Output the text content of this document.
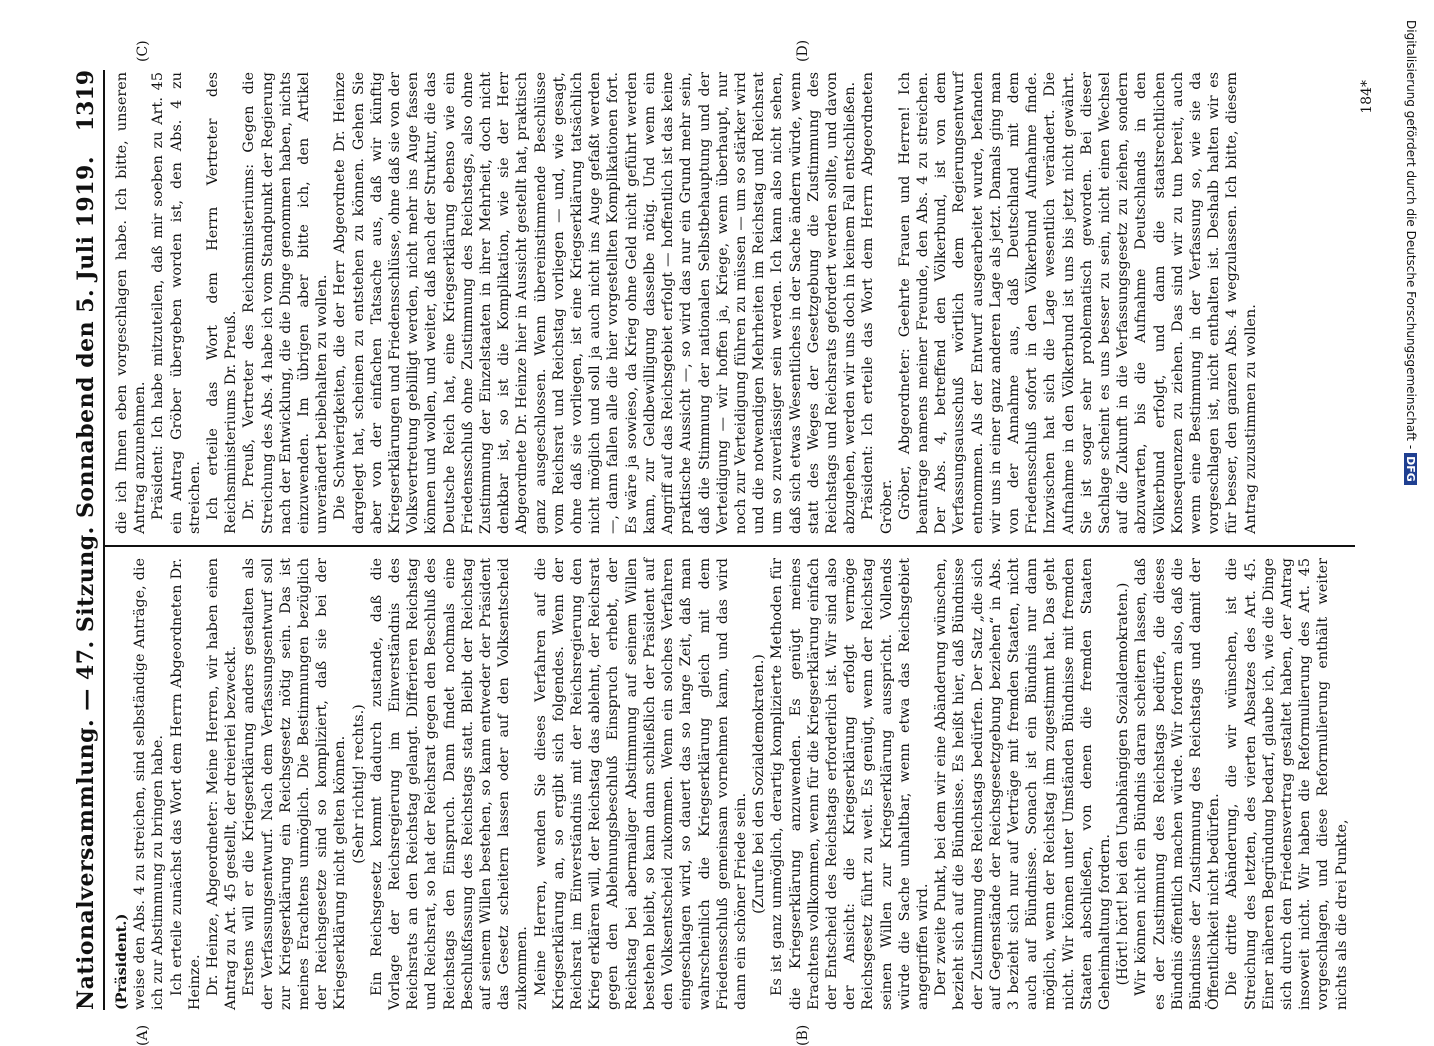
Nationalversammlung. — 47. Sitzung. Sonnabend den 5. Juli 1919.
1319

(Präsident.) weise den Abs. 4 zu streichen, sind selbständige Anträge, die ich zur Abstimmung zu bringen habe. Ich erteile zunächst das Wort dem Herrn Abgeordneten Dr. Heinze. Dr. Heinze, Abgeordneter: Meine Herren, wir haben einen Antrag zu Art. 45 gestellt, der dreierlei bezweckt. Erstens will er die Kriegserklärung anders gestalten als der Verfassungsentwurf. Nach dem Verfassungsentwurf soll zur Kriegserklärung ein Reichsgesetz nötig sein. Das ist meines Erachtens unmöglich. Die Bestimmungen bezüglich der Reichsgesetze sind so kompliziert, daß sie bei der Kriegserklärung nicht gelten können. (Sehr richtig! rechts.) Ein Reichsgesetz kommt dadurch zustande, daß die Vorlage der Reichsregierung im Einverständnis des Reichsrats an den Reichstag gelangt. Differieren Reichstag und Reichsrat, so hat der Reichsrat gegen den Beschluß des Reichstags den Einspruch. Dann findet nochmals eine Beschlußfassung des Reichstags statt. Bleibt der Reichstag auf seinem Willen bestehen, so kann entweder der Präsident das Gesetz scheitern lassen oder auf den Volksentscheid zukommen. Meine Herren, wenden Sie dieses Verfahren auf die Kriegserklärung an, so ergibt sich folgendes. Wenn der Reichsrat im Einverständnis mit der Reichsregierung den Krieg erklären will, der Reichstag das ablehnt, der Reichsrat gegen den Ablehnungsbeschluß Einspruch erhebt, der Reichstag bei abermaliger Abstimmung auf seinem Willen bestehen bleibt, so kann dann schließlich der Präsident auf den Volksentscheid zukommen. Wenn ein solches Verfahren eingeschlagen wird, so dauert das so lange Zeit, daß man wahrscheinlich die Kriegserklärung gleich mit dem Friedensschluß gemeinsam vornehmen kann, und das wird dann ein schöner Friede sein. (Zurufe bei den Sozialdemokraten.) Es ist ganz unmöglich, derartig komplizierte Methoden für die Kriegserklärung anzuwenden. Es genügt meines Erachtens vollkommen, wenn für die Kriegserklärung einfach der Entscheid des Reichstags erforderlich ist. Wir sind also der Ansicht: die Kriegserklärung erfolgt vermöge Reichsgesetz führt zu weit. Es genügt, wenn der Reichstag seinen Willen zur Kriegserklärung ausspricht. Vollends würde die Sache unhaltbar, wenn etwa das Reichsgebiet angegriffen wird. Der zweite Punkt, bei dem wir eine Abänderung wünschen, bezieht sich auf die Bündnisse. Es heißt hier, daß Bündnisse der Zustimmung des Reichstags bedürfen. Der Satz „die sich auf Gegenstände der Reichsgesetzgebung beziehen“ in Abs. 3 bezieht sich nur auf Verträge mit fremden Staaten, nicht auch auf Bündnisse. Sonach ist ein Bündnis nur dann möglich, wenn der Reichstag ihm zugestimmt hat. Das geht nicht. Wir können unter Umständen Bündnisse mit fremden Staaten abschließen, von denen die fremden Staaten Geheimhaltung fordern. (Hört! hört! bei den Unabhängigen Sozialdemokraten.) Wir können nicht ein Bündnis daran scheitern lassen, daß es der Zustimmung des Reichstags bedürfe, die dieses Bündnis öffentlich machen würde. Wir fordern also, daß die Bündnisse der Zustimmung des Reichstags und damit der Öffentlichkeit nicht bedürfen. Die dritte Abänderung, die wir wünschen, ist die Streichung des letzten, des vierten Absatzes des Art. 45. Einer näheren Begründung bedarf, glaube ich, wie die Dinge sich durch den Friedensvertrag gestaltet haben, der Antrag insoweit nicht. Wir haben die Reformulierung des Art. 45 vorgeschlagen, und diese Reformulierung enthält weiter nichts als die drei Punkte,

die ich Ihnen eben vorgeschlagen habe. Ich bitte, unseren Antrag anzunehmen. Präsident: Ich habe mitzuteilen, daß mir soeben zu Art. 45 ein Antrag Gröber übergeben worden ist, den Abs. 4 zu streichen. Ich erteile das Wort dem Herrn Vertreter des Reichsministeriums Dr. Preuß. Dr. Preuß, Vertreter des Reichsministeriums: Gegen die Streichung des Abs. 4 habe ich vom Standpunkt der Regierung nach der Entwicklung, die die Dinge genommen haben, nichts einzuwenden. Im übrigen aber bitte ich, den Artikel unverändert beibehalten zu wollen. Die Schwierigkeiten, die der Herr Abgeordnete Dr. Heinze dargelegt hat, scheinen zu entstehen zu können. Gehen Sie aber von der einfachen Tatsache aus, daß wir künftig Kriegserklärungen und Friedensschlüsse, ohne daß sie von der Volksvertretung gebilligt werden, nicht mehr ins Auge fassen können und wollen, und weiter, daß nach der Struktur, die das Deutsche Reich hat, eine Kriegserklärung ebenso wie ein Friedensschluß ohne Zustimmung des Reichstags, also ohne Zustimmung der Einzelstaaten in ihrer Mehrheit, doch nicht denkbar ist, so ist die Komplikation, wie sie der Herr Abgeordnete Dr. Heinze hier in Aussicht gestellt hat, praktisch ganz ausgeschlossen. Wenn übereinstimmende Beschlüsse vom Reichsrat und Reichstag vorliegen — und, wie gesagt, ohne daß sie vorliegen, ist eine Kriegserklärung tatsächlich nicht möglich und soll ja auch nicht ins Auge gefaßt werden —, dann fallen alle die hier vorgestellten Komplikationen fort. Es wäre ja sowieso, da Krieg ohne Geld nicht geführt werden kann, zur Geldbewilligung dasselbe nötig. Und wenn ein Angriff auf das Reichsgebiet erfolgt — hoffentlich ist das keine praktische Aussicht —, so wird das nur ein Grund mehr sein, daß die Stimmung der nationalen Selbstbehauptung und der Verteidigung — wir hoffen ja, Kriege, wenn überhaupt, nur noch zur Verteidigung führen zu müssen — um so stärker wird und die notwendigen Mehrheiten im Reichstag und Reichsrat um so zuverlässiger sein werden. Ich kann also nicht sehen, daß sich etwas Wesentliches in der Sache ändern würde, wenn statt des Weges der Gesetzgebung die Zustimmung des Reichstags und Reichsrats gefordert werden sollte, und davon abzugehen, werden wir uns doch in keinem Fall entschließen. Präsident: Ich erteile das Wort dem Herrn Abgeordneten Gröber. Gröber, Abgeordneter: Geehrte Frauen und Herren! Ich beantrage namens meiner Freunde, den Abs. 4 zu streichen. Der Abs. 4, betreffend den Völkerbund, ist von dem Verfassungsausschuß wörtlich dem Regierungsentwurf entnommen. Als der Entwurf ausgearbeitet wurde, befanden wir uns in einer ganz anderen Lage als jetzt. Damals ging man von der Annahme aus, daß Deutschland mit dem Friedensschluß sofort in den Völkerbund Aufnahme finde. Inzwischen hat sich die Lage wesentlich verändert. Die Aufnahme in den Völkerbund ist uns bis jetzt nicht gewährt. Sie ist sogar sehr problematisch geworden. Bei dieser Sachlage scheint es uns besser zu sein, nicht einen Wechsel auf die Zukunft in die Verfassungsgesetz zu ziehen, sondern abzuwarten, bis die Aufnahme Deutschlands in den Völkerbund erfolgt, und dann die staatsrechtlichen Konsequenzen zu ziehen. Das sind wir zu tun bereit, auch wenn eine Bestimmung in der Verfassung so, wie sie da vorgeschlagen ist, nicht enthalten ist. Deshalb halten wir es für besser, den ganzen Abs. 4 wegzulassen. Ich bitte, diesem Antrag zuzustimmen zu wollen.

(A)	(B)
(C)	(D)
184* Digitalisierung gefördert durch die Deutsche Forschungsgemeinschaft -DFG
